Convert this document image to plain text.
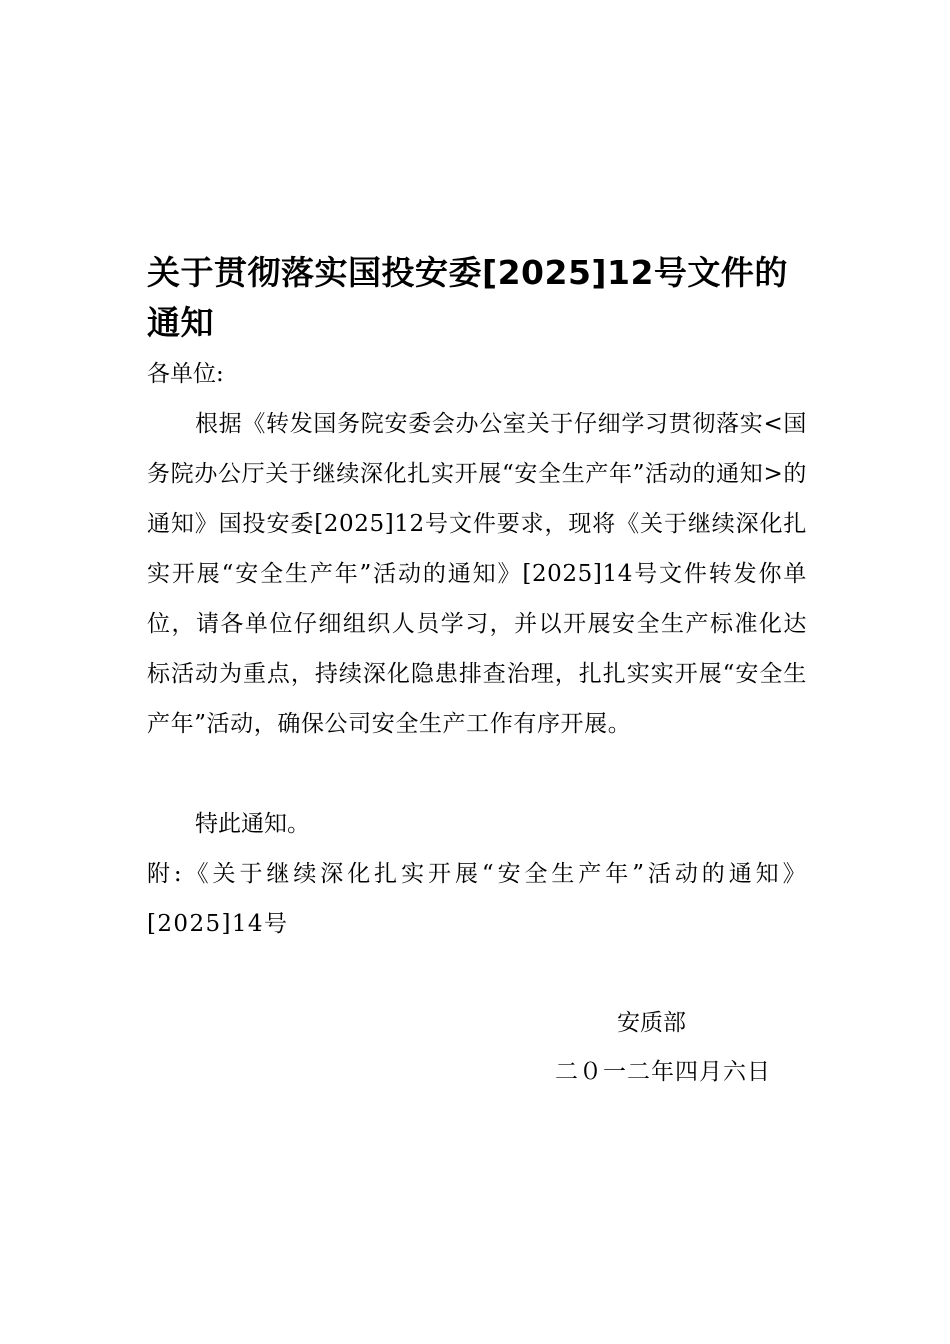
关于贯彻落实国投安委[2025]12号文件的通知

各单位:

根据《转发国务院安委会办公室关于仔细学习贯彻落实<国务院办公厅关于继续深化扎实开展“安全生产年”活动的通知>的通知》国投安委[2025]12号文件要求，现将《关于继续深化扎实开展“安全生产年”活动的通知》[2025]14号文件转发你单位，请各单位仔细组织人员学习，并以开展安全生产标准化达标活动为重点，持续深化隐患排查治理，扎扎实实开展“安全生产年”活动，确保公司安全生产工作有序开展。

特此通知。

附:《关于继续深化扎实开展“安全生产年”活动的通知》[2025]14号

安质部

二０一二年四月六日
